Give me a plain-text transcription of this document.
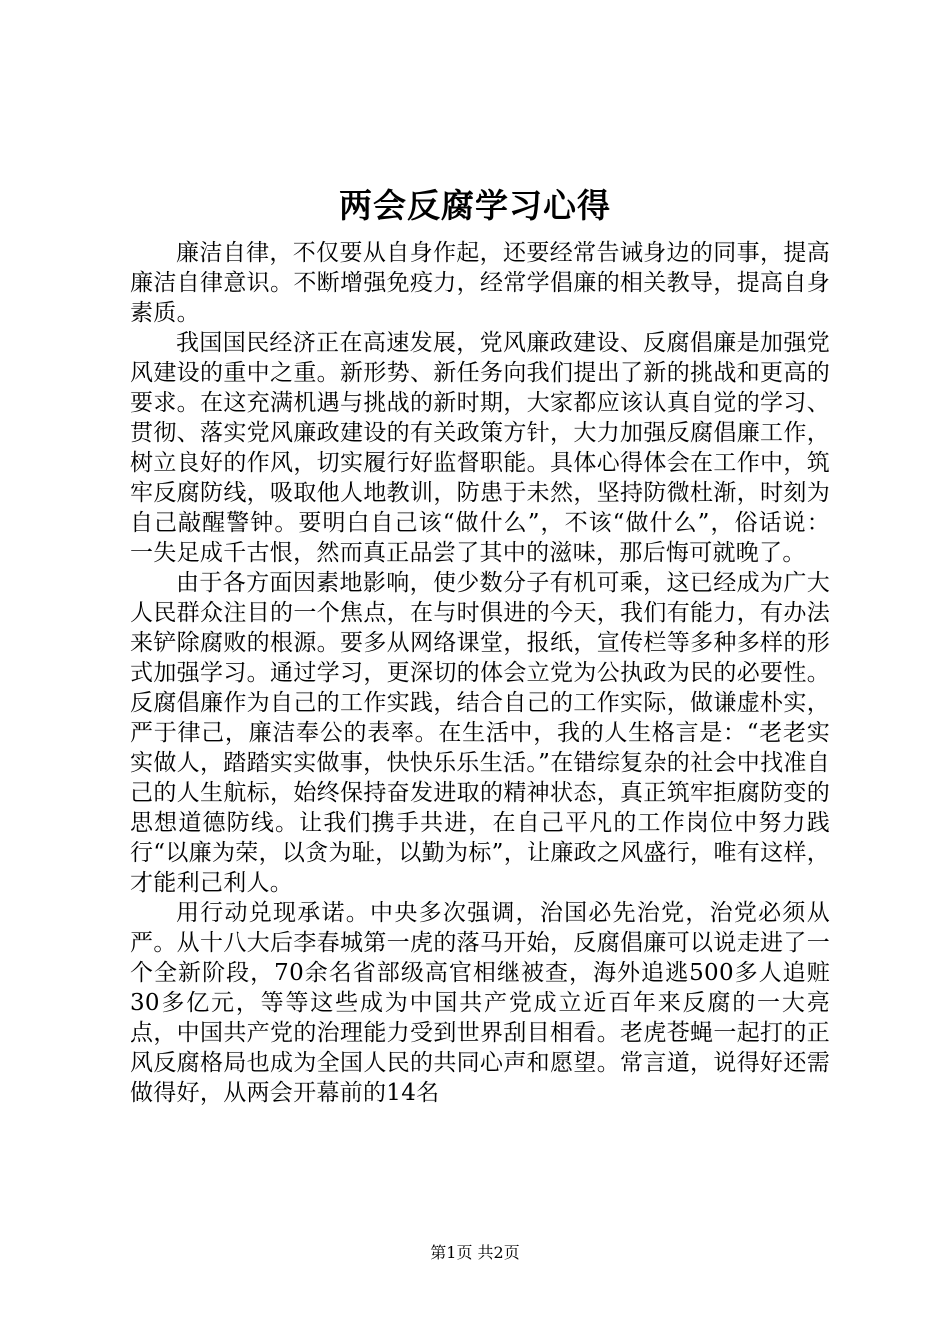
两会反腐学习心得

廉洁自律，不仅要从自身作起，还要经常告诫身边的同事，提高廉洁自律意识。不断增强免疫力，经常学倡廉的相关教导，提高自身素质。

我国国民经济正在高速发展，党风廉政建设、反腐倡廉是加强党风建设的重中之重。新形势、新任务向我们提出了新的挑战和更高的要求。在这充满机遇与挑战的新时期，大家都应该认真自觉的学习、贯彻、落实党风廉政建设的有关政策方针，大力加强反腐倡廉工作，树立良好的作风，切实履行好监督职能。具体心得体会在工作中，筑牢反腐防线，吸取他人地教训，防患于未然，坚持防微杜渐，时刻为自己敲醒警钟。要明白自己该“做什么”，不该“做什么”，俗话说：一失足成千古恨，然而真正品尝了其中的滋味，那后悔可就晚了。

由于各方面因素地影响，使少数分子有机可乘，这已经成为广大人民群众注目的一个焦点，在与时俱进的今天，我们有能力，有办法来铲除腐败的根源。要多从网络课堂，报纸，宣传栏等多种多样的形式加强学习。通过学习，更深切的体会立党为公执政为民的必要性。反腐倡廉作为自己的工作实践，结合自己的工作实际，做谦虚朴实，严于律己，廉洁奉公的表率。在生活中，我的人生格言是：“老老实实做人，踏踏实实做事，快快乐乐生活。”在错综复杂的社会中找准自己的人生航标，始终保持奋发进取的精神状态，真正筑牢拒腐防变的思想道德防线。让我们携手共进，在自己平凡的工作岗位中努力践行“以廉为荣，以贪为耻，以勤为标”，让廉政之风盛行，唯有这样，才能利己利人。

用行动兑现承诺。中央多次强调，治国必先治党，治党必须从严。从十八大后李春城第一虎的落马开始，反腐倡廉可以说走进了一个全新阶段，70余名省部级高官相继被查，海外追逃500多人追赃30多亿元，等等这些成为中国共产党成立近百年来反腐的一大亮点，中国共产党的治理能力受到世界刮目相看。老虎苍蝇一起打的正风反腐格局也成为全国人民的共同心声和愿望。常言道，说得好还需做得好，从两会开幕前的14名

第1页 共2页
